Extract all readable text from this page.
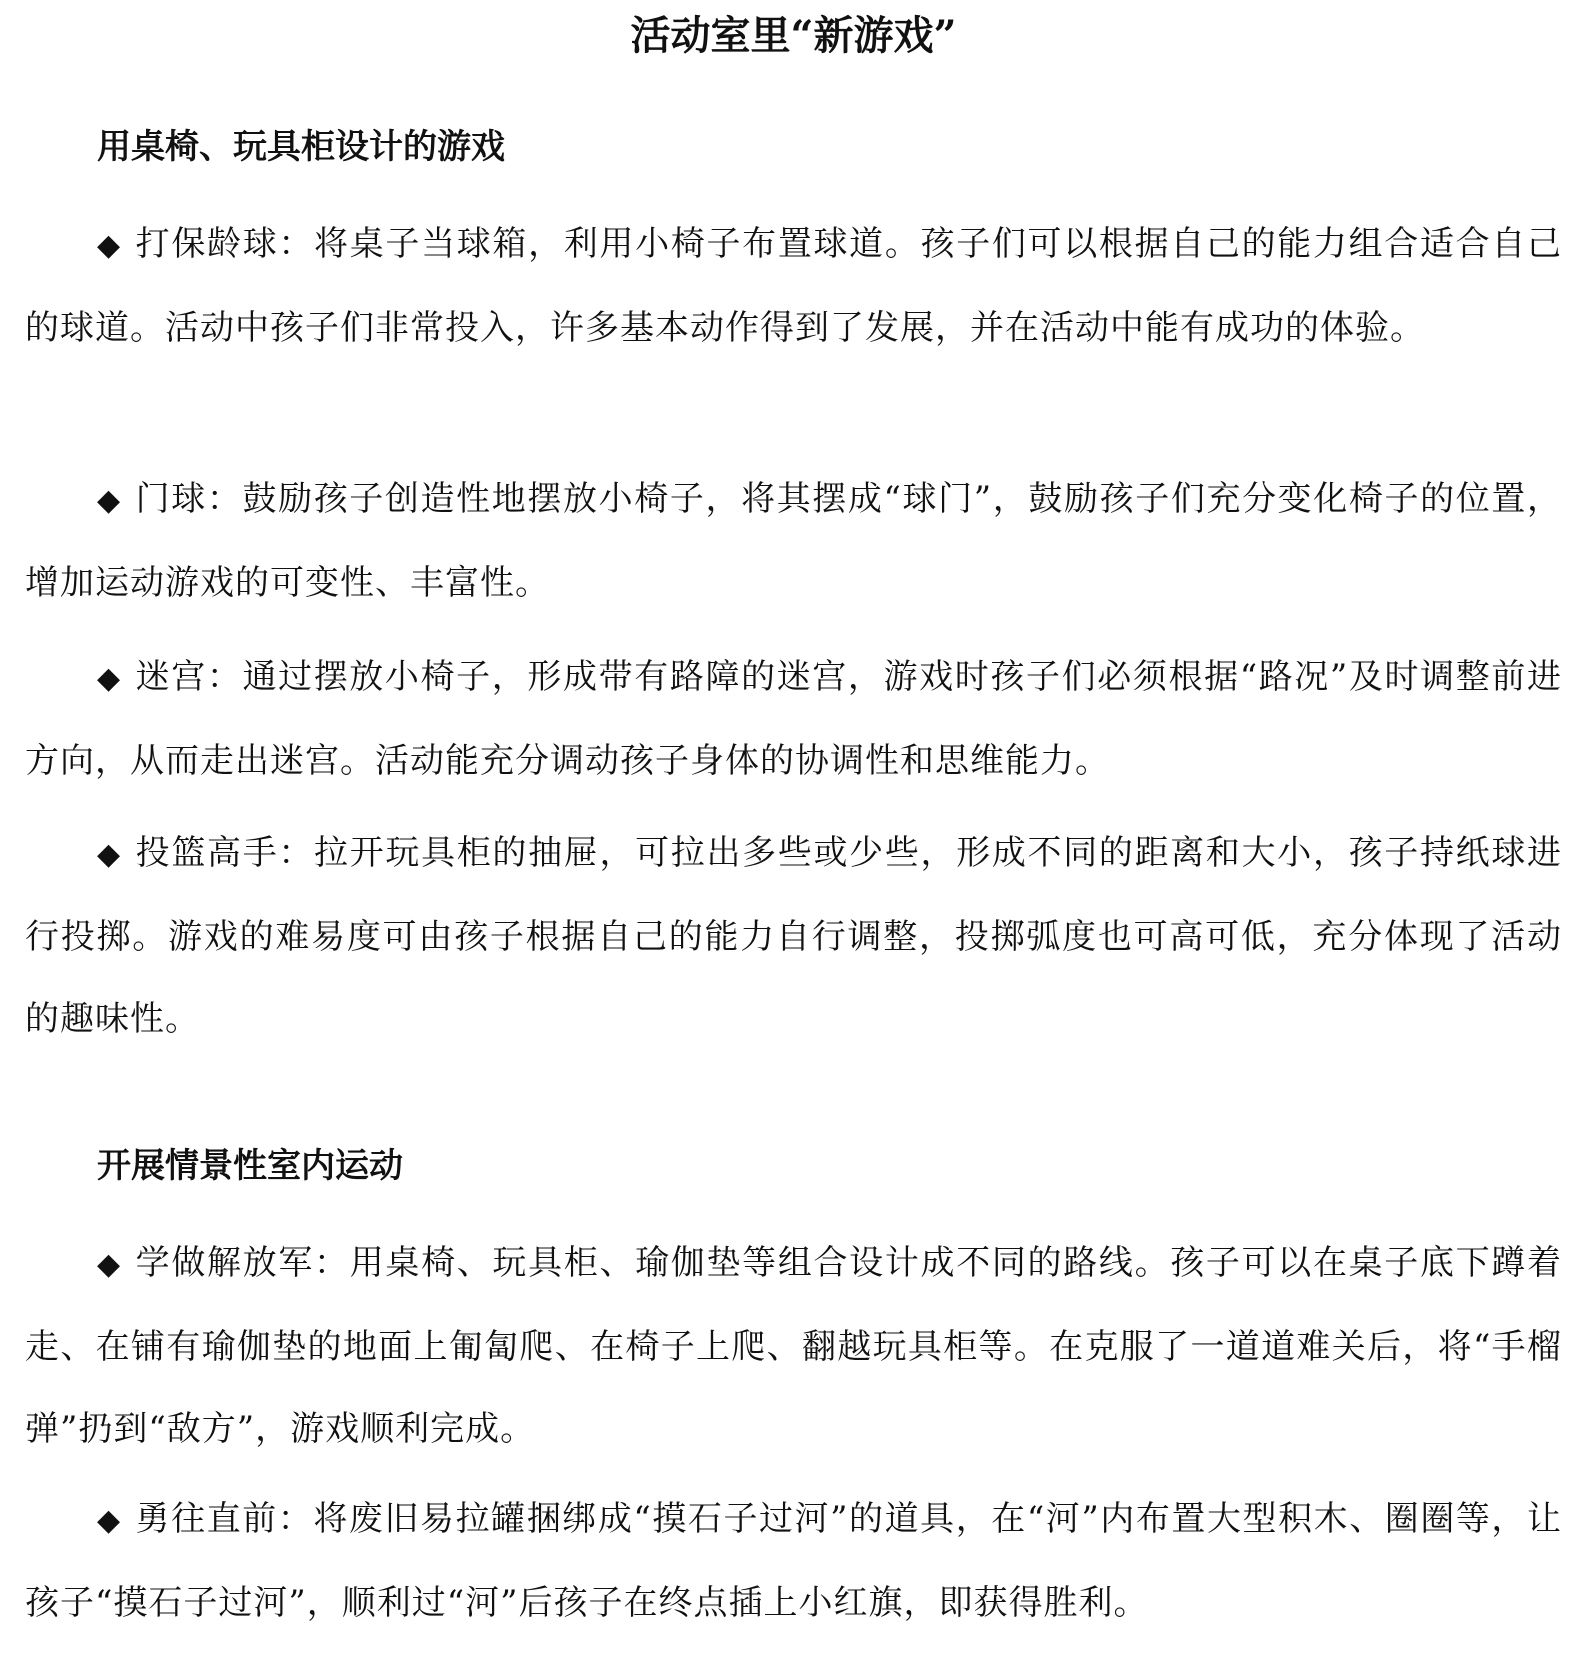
活动室里“新游戏”
用桌椅、玩具柜设计的游戏

◆ 打保龄球：将桌子当球箱，利用小椅子布置球道。孩子们可以根据自己的能力组合适合自己的球道。活动中孩子们非常投入，许多基本动作得到了发展，并在活动中能有成功的体验。

◆ 门球：鼓励孩子创造性地摆放小椅子，将其摆成“球门”，鼓励孩子们充分变化椅子的位置，增加运动游戏的可变性、丰富性。

◆ 迷宫：通过摆放小椅子，形成带有路障的迷宫，游戏时孩子们必须根据“路况”及时调整前进方向，从而走出迷宫。活动能充分调动孩子身体的协调性和思维能力。

◆ 投篮高手：拉开玩具柜的抽屉，可拉出多些或少些，形成不同的距离和大小，孩子持纸球进行投掷。游戏的难易度可由孩子根据自己的能力自行调整，投掷弧度也可高可低，充分体现了活动的趣味性。

开展情景性室内运动

◆ 学做解放军：用桌椅、玩具柜、瑜伽垫等组合设计成不同的路线。孩子可以在桌子底下蹲着走、在铺有瑜伽垫的地面上匍匐爬、在椅子上爬、翻越玩具柜等。在克服了一道道难关后，将“手榴弹”扔到“敌方”，游戏顺利完成。

◆ 勇往直前：将废旧易拉罐捆绑成“摸石子过河”的道具，在“河”内布置大型积木、圈圈等，让孩子“摸石子过河”，顺利过“河”后孩子在终点插上小红旗，即获得胜利。
